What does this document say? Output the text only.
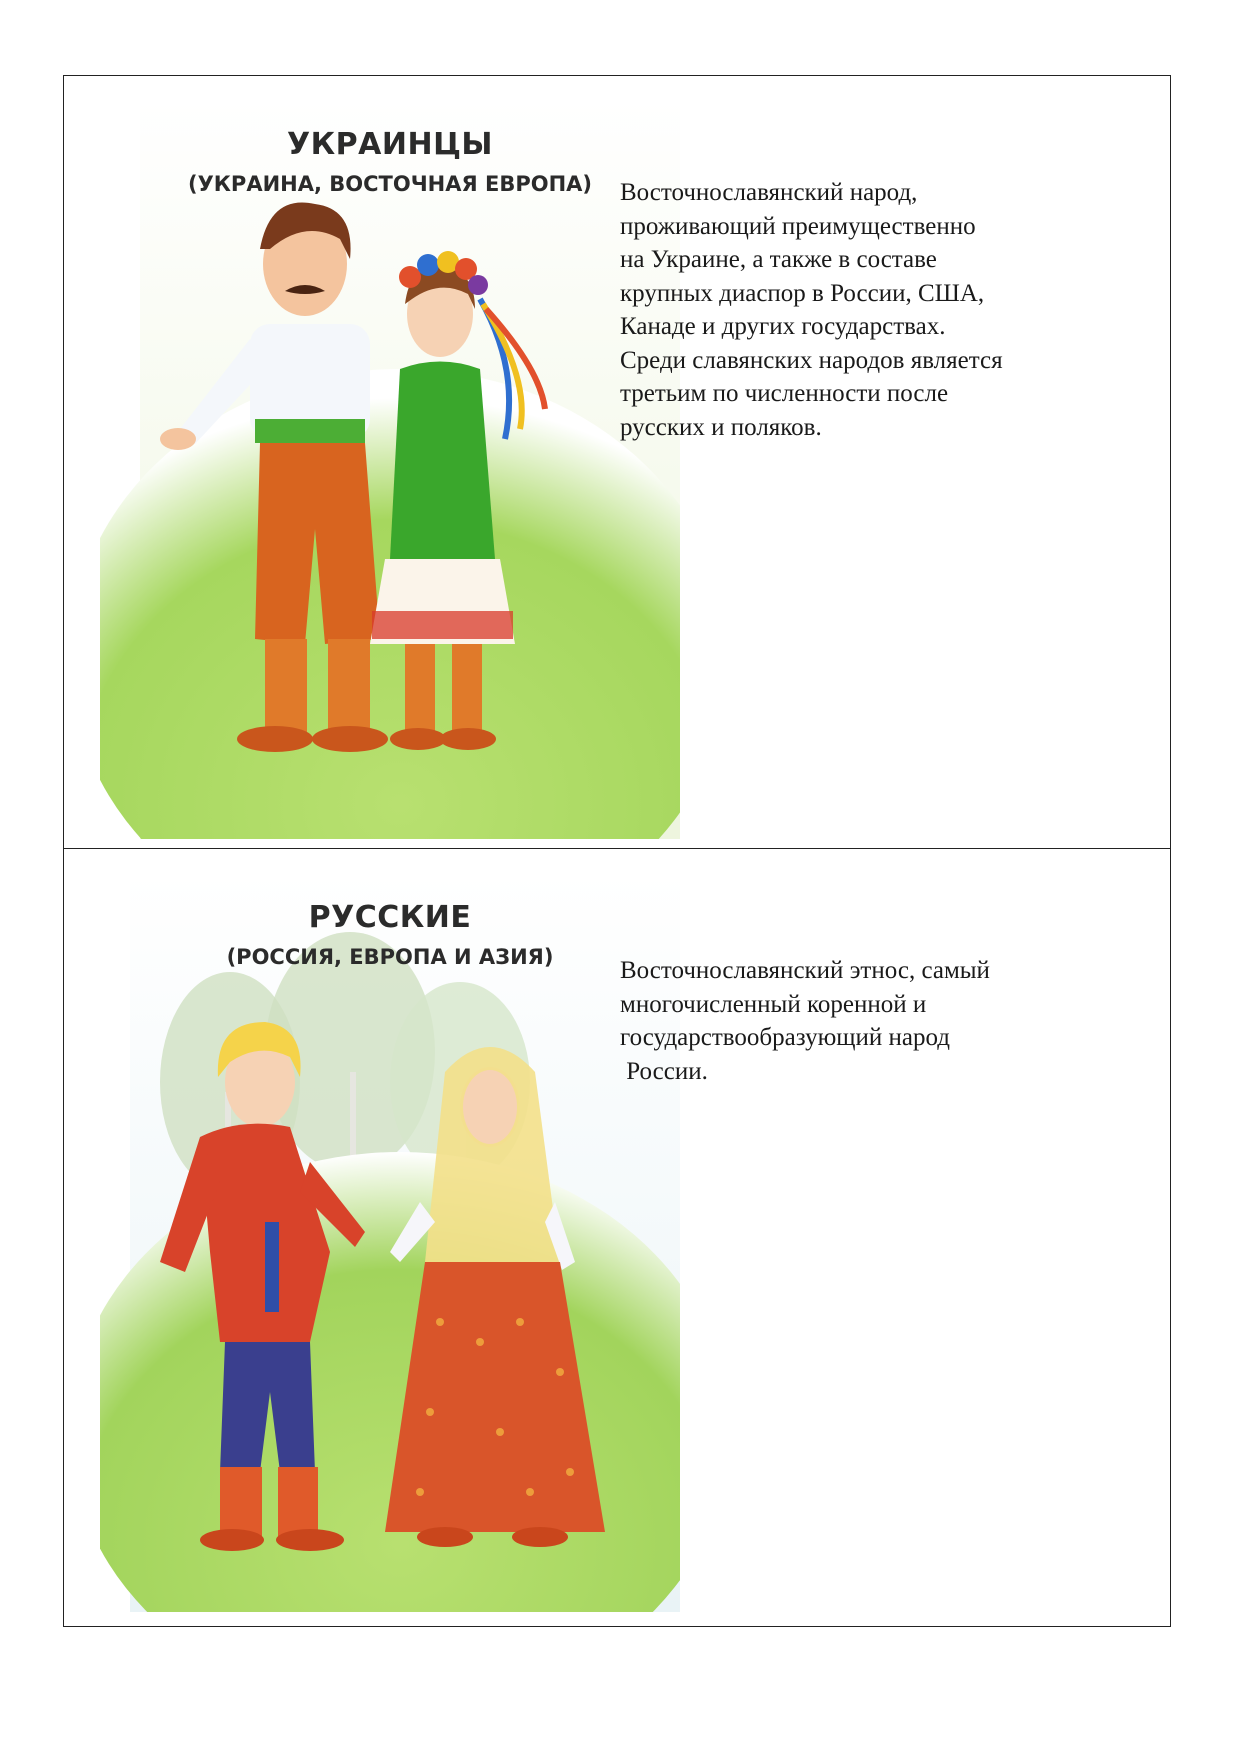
УКРАИНЦЫ
(УКРАИНА, ВОСТОЧНАЯ ЕВРОПА)	Восточнославянский народ,
проживающий преимущественно
на Украине, а также в составе
крупных диаспор в России, США,
Канаде и других государствах.
Среди славянских народов является
третьим по численности после
русских и поляков.

РУССКИЕ
(РОССИЯ, ЕВРОПА И АЗИЯ)	Восточнославянский этнос, самый
многочисленный коренной и
государствообразующий народ
России.
